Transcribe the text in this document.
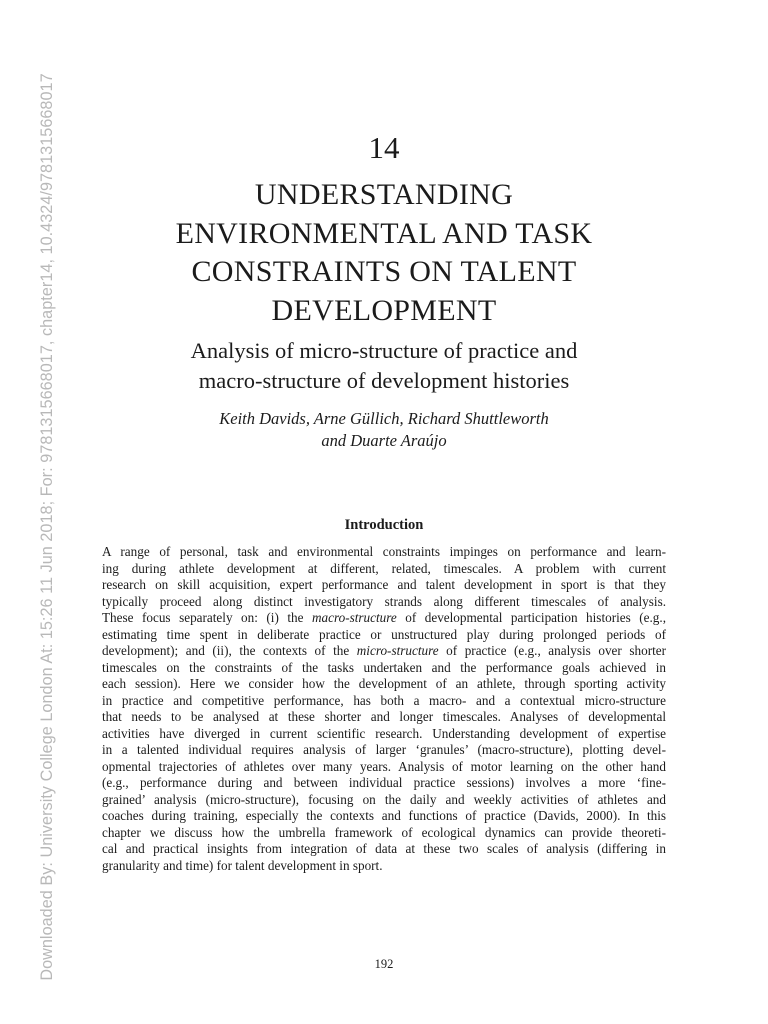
Downloaded By: University College London At: 15:26 11 Jun 2018; For: 9781315668017, chapter14, 10.4324/9781315668017	14
UNDERSTANDING
ENVIRONMENTAL AND TASK
CONSTRAINTS ON TALENT
DEVELOPMENT
Analysis of micro-structure of practice and
macro-structure of development histories
Keith Davids, Arne Güllich, Richard Shuttleworth
and Duarte Araújo
Introduction
A range of personal, task and environmental constraints impinges on performance and learn-
ing during athlete development at different, related, timescales. A problem with current
research on skill acquisition, expert performance and talent development in sport is that they
typically proceed along distinct investigatory strands along different timescales of analysis.
These focus separately on: (i) the macro-structure of developmental participation histories (e.g.,
estimating time spent in deliberate practice or unstructured play during prolonged periods of
development); and (ii), the contexts of the micro-structure of practice (e.g., analysis over shorter
timescales on the constraints of the tasks undertaken and the performance goals achieved in
each session). Here we consider how the development of an athlete, through sporting activity
in practice and competitive performance, has both a macro- and a contextual micro-structure
that needs to be analysed at these shorter and longer timescales. Analyses of developmental
activities have diverged in current scientific research. Understanding development of expertise
in a talented individual requires analysis of larger ‘granules’ (macro-structure), plotting devel-
opmental trajectories of athletes over many years. Analysis of motor learning on the other hand
(e.g., performance during and between individual practice sessions) involves a more ‘fine-
grained’ analysis (micro-structure), focusing on the daily and weekly activities of athletes and
coaches during training, especially the contexts and functions of practice (Davids, 2000). In this
chapter we discuss how the umbrella framework of ecological dynamics can provide theoreti-
cal and practical insights from integration of data at these two scales of analysis (differing in
granularity and time) for talent development in sport.
192
